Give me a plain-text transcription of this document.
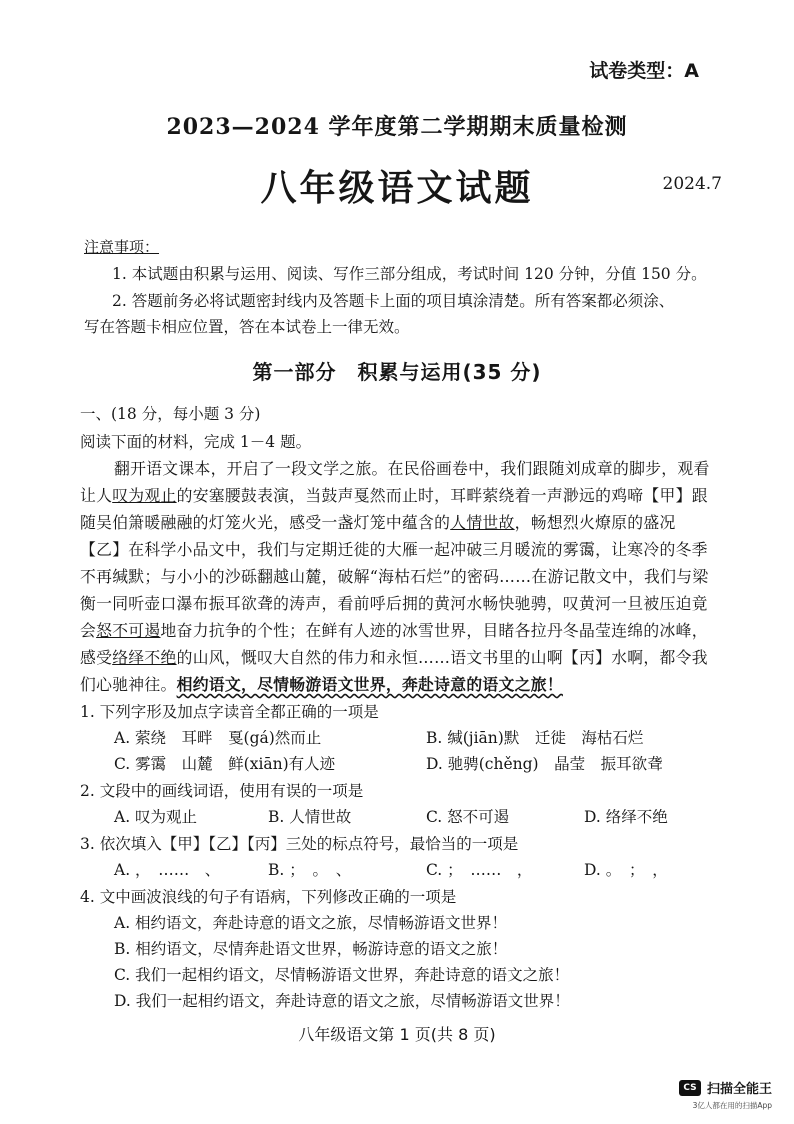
试卷类型：A
2023—2024 学年度第二学期期末质量检测
八年级语文试题	2024.7
注意事项：
1. 本试题由积累与运用、阅读、写作三部分组成，考试时间 120 分钟，分值 150 分。
2. 答题前务必将试题密封线内及答题卡上面的项目填涂清楚。所有答案都必须涂、
写在答题卡相应位置，答在本试卷上一律无效。
第一部分　积累与运用(35 分)
一、(18 分，每小题 3 分)
阅读下面的材料，完成 1－4 题。
翻开语文课本，开启了一段文学之旅。在民俗画卷中，我们跟随刘成章的脚步，观看
让人叹为观止的安塞腰鼓表演，当鼓声戛然而止时，耳畔萦绕着一声渺远的鸡啼【甲】跟
随吴伯箫暖融融的灯笼火光，感受一盏灯笼中蕴含的人情世故，畅想烈火燎原的盛况
【乙】在科学小品文中，我们与定期迁徙的大雁一起冲破三月暖流的雾霭，让寒冷的冬季
不再缄默；与小小的沙砾翻越山麓，破解“海枯石烂”的密码……在游记散文中，我们与梁
衡一同听壶口瀑布振耳欲聋的涛声，看前呼后拥的黄河水畅快驰骋，叹黄河一旦被压迫竟
会怒不可遏地奋力抗争的个性；在鲜有人迹的冰雪世界，目睹各拉丹冬晶莹连绵的冰峰，
感受络绎不绝的山风，慨叹大自然的伟力和永恒……语文书里的山啊【丙】水啊，都令我
们心驰神往。相约语文，尽情畅游语文世界，奔赴诗意的语文之旅！
1. 下列字形及加点字读音全都正确的一项是
A. 萦绕　耳畔　戛(gá)然而止	B. 缄(jiān)默　迁徙　海枯石烂
C. 雾霭　山麓　鲜(xiān)有人迹	D. 驰骋(chěng)　晶莹　振耳欲聋
2. 文段中的画线词语，使用有误的一项是
A. 叹为观止	B. 人情世故	C. 怒不可遏	D. 络绎不绝
3. 依次填入【甲】【乙】【丙】三处的标点符号，最恰当的一项是
A. ，　……　、	B. ；　。　、	C. ；　……　，	D. 。　；　，
4. 文中画波浪线的句子有语病，下列修改正确的一项是
A. 相约语文，奔赴诗意的语文之旅，尽情畅游语文世界！
B. 相约语文，尽情奔赴语文世界，畅游诗意的语文之旅！
C. 我们一起相约语文，尽情畅游语文世界，奔赴诗意的语文之旅！
D. 我们一起相约语文，奔赴诗意的语文之旅，尽情畅游语文世界！
八年级语文第 1 页(共 8 页)
CS 扫描全能王
3亿人都在用的扫描App
